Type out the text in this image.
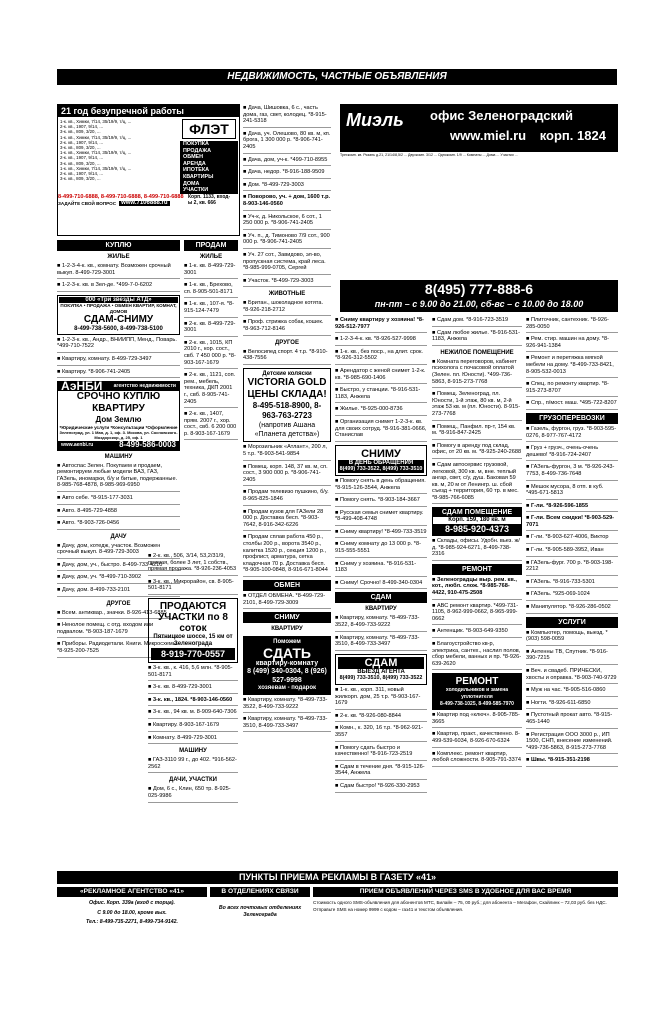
НЕДВИЖИМОСТЬ, ЧАСТНЫЕ ОБЪЯВЛЕНИЯ
21 год безупречной работы
1-к. кв., Химки, 7/14, 35/19/9, т/ц, ...
2-к. кв., 1907, 9/14, ...
3-к. кв., 809, 3/20, ...
1-к. кв., Химки, 7/14, 35/19/9, т/ц, ...
2-к. кв., 1907, 9/14, ...
3-к. кв., 809, 3/20, ...
1-к. кв., Химки, 7/14, 35/19/9, т/ц, ...
2-к. кв., 1907, 9/14, ...
3-к. кв., 809, 3/20, ...
1-к. кв., Химки, 7/14, 35/19/9, т/ц, ...
2-к. кв., 1907, 9/14, ...
3-к. кв., 809, 3/20, ...
ФЛЭТ
ПОКУПКА
ПРОДАЖА
ОБМЕН
АРЕНДА
ИПОТЕКА
КВАРТИРЫ
ДОМА
УЧАСТКИ
8-499-710-6888, 8-499-710-6888, 8-499-710-6888
ЗАДАЙТЕ СВОЙ ВОПРОС www.7106888.ru
Корп. 1133, вход-ы 2, кв. 666
КУПЛЮ
ЖИЛЬЕ
■ 1-2-3-4-к. кв., комнату. Возможен срочный выкуп. 8-499-729-3001
■ 1-2-3-к. кв. в Зел-де. *499-7-0-6202
000 «Три звезды АТД»
ПОКУПКА • ПРОДАЖА • ОБМЕН КВАРТИР, КОМНАТ, ДОМОВ
СДАМ-СНИМУ
8-499-738-5600, 8-499-738-5100
■ 1-2-3-к. кв., Андр., ВНИИПП, Менд., Поварь. *499-710-7522
■ Квартиру, комнату. 8-499-729-3497
■ Квартиру. *8-906-741-2405
АэНБИ агентство недвижимости
СРОЧНО КУПЛЮ КВАРТИРУ
Дом Землю
*Юридические услуги *Консультации *Оформление
Зеленоград, ул. 1 Мая, д. 1, оф. 3. Москва, ул. Сосновского-Моздорскор, д. 25, оф. 1
www.aenbi.ru	8-499-586-0003
МАШИНУ
■ Автоспас Зелен. Покупаем и продаем, ремонтируем любые модели ВАЗ, ГАЗ, ГАЗель, иномарки, б/у и битые, подержанные. 8-985-768-4878, 8-985-969-6950
■ Авто себе. *8-915-177-3031
■ Авто. 8-495-729-4858
■ Авто. *8-903-726-0456
ДАЧУ
■ Дачу, дом, котедж, участок. Возможен срочный выкуп. 8-499-729-3003
■ Дачу, дом, уч., быстро. 8-499-733-4210
■ Дачу, дом, уч. *8-499-710-3902
■ Дачу, дом. 8-499-733-2101
ДРУГОЕ
■ Всем. антиквар., значки. 8-926-413-6885
■ Ненолое помещ. с отд. входом или подвалом. *8-903-187-1679
■ Приборы. Радиодетали. Книги. Микросхемы. *8-925-200-7525
ПРОДАМ
ЖИЛЬЕ
■ 1-к. кв. 8-499-729-3001
■ 1-к. кв., Брехово, сп. 8-905-501-8171
■ 1-к. кв., 107-я. *8-915-124-7479
■ 2-к. кв. 8-499-729-3001
■ 2-к. кв., 1015, КП 2010 г., кор. сост., свб. 7 450 000 р. *8-903-167-1679
■ 2-к. кв., 1121, соп. рем., мебель, техника, ДКП 2001 г., свб. 8-905-741-2405
■ 2-к. кв., 1407, прям. 2007 г., хор. сост., свб. 6 200 000 р. 8-903-167-1679
■ 2-к. кв., 506, 3/14, 53,2/31/9, прямая, более 3 лет, 1 собств., прямая продажа. *8-926-236-4053
■ 3-к. кв., Микрорайон, св. 8-905-501-8171
ПРОДАЮТСЯ УЧАСТКИ по 8 соток
Пятницкое шоссе, 15 км от Зеленограда
8-919-770-0557
■ 3-к. кв., к. 416, 5,6 млн. *8-905-501-8171
■ 3-к. кв. 8-499-729-3001
■ 3-к. кв., 1824. *8-903-146-0560
■ 3-к. кв., 94 кв. м. 8-909-640-7306
■ Квартиру. 8-903-167-1679
■ Комнату. 8-499-729-3001
МАШИНУ
■ ГАЗ-3110 99 г., до 402. *916-562-2562
ДАЧИ, УЧАСТКИ
■ Дом, 6 с., Клин, 650 тр. 8-925-025-9986
■ Дача, Шишовка, 6 с., часть дома, газ, свет, колодец. *8-915-241-5318
■ Дача, уч. Олешово, 80 кв. м, кп. брога, 1 300 000 р. *8-906-741-2405
■ Дача, дом, уч-к. *499-710-8955
■ Дача, недор. *8-916-188-9509
■ Дом. *8-499-729-3003
■ Поворово, уч. + дом, 1600 т.р. 8-903-146-0560
■ Уч-к, д. Никольское, 6 сот., 1 250 000 р. *8-906-741-2405
■ Уч. п., д. Тимоново 7/9 сот., 900 000 р. *8-906-741-2405
■ Уч. 27 сот., Завидово, эл-во, пропускная система, край леса. *8-985-999-0705, Сергей
■ Участок. *8-499-729-3003
ЖИВОТНЫЕ
■ Британ., шоколадное котята. *8-926-218-2712
■ Проф. стрижка собак, кошек. *8-963-712-8146
ДРУГОЕ
■ Велосипед спорт. 4 т.р. *8-910-438-7556
Детские коляски
VICTORIA GOLD
ЦЕНЫ СКЛАДА!
8-495-518-8900, 8-963-763-2723
(напротив Ашана «Планета детства»)
■ Морозильник «Атлант», 200 л, 5 т.р. *8-903-541-9854
■ Помещ. корп. 148, 37 кв. м, сп. сост., 3 900 000 р. *8-906-741-2405
■ Продам телевизо пушкино, б/у. 8-965-825-1846
■ Продам кузов для ГАЗели 28 000 р. Доставка бесп. *8-903-7642, 8-916-342-6226
■ Продам сплав работа 450 р., столбы 200 р., ворота 3540 р., калитка 1520 р., секция 1200 р., профлист, арматура, сетка кладочная 70 р. Доставка бесп. *8-905-100-0848, 8-916-671-8044
ОБМЕН
■ ОТДЕЛ ОБМЕНА. *8-499-729-2101, 8-499-729-3009
СНИМУ
КВАРТИРУ
Поможем
СДАТЬ
квартиру-комнату
8 (499) 340-0304, 8 (926) 527-9998
хозяевам - подарок
■ Квартиру, комнату. *8-499-733-3522, 8-499-733-9222
■ Квартиру, комнату. *8-499-733-3510, 8-499-733-3497
Миэль офис Зеленоградский
www.miel.ru корп. 1824
Трехкомн. кв. Рязань д.21, 21/14/8,5/2 ... Двухкомн. 3/12 ... Однокомн. 1/9 ... Комнаты ... Дома ... Участки ...
8(495) 777-888-6
пн-пт – с 9.00 до 21.00, сб-вс – с 10.00 до 18.00
■ Сниму квартиру у хозяина! *8-926-512-7977
■ 1-2-3-4-к. кв. *8-926-527-9998
■ 1-к. кв., без поср., на длит. срок. *8-926-312-5502
■ Арендатор с женой снимет 1-2-к. кв. *8-985-690-1406
■ Быстро, у станции. *8-916-531-1183, Анжела
■ Жилье. *8-925-000-8736
■ Организация снимет 1-2-3-к. кв. для своих сотруд. *8-916-381-0666, Станислав
СНИМУ
В ДЕНЬ ОБРАЩЕНИЯ
8(499) 733-3522, 8(499) 733-3510
■ Помогу снять в день обращения. *8-915-126-3544, Анжела
■ Помогу снять. *8-903-184-3667
■ Русская семья снимет квартиру. *8-499-408-4748
■ Сниму квартиру! *8-499-733-3519
■ Сниму комнату до 13 000 р. *8-915-555-5551
■ Сниму у хозяина. *8-916-531-1183
■ Сниму! Срочно! 8-499-340-0304
СДАМ
КВАРТИРУ
■ Квартиру, комнату. *8-499-733-3522, 8-499-733-9222
■ Квартиру, комнату. *8-499-733-3510, 8-499-733-3497
СДАМ
ВЫЕЗД АГЕНТА
8(499) 733-3510, 8(499) 733-3522
■ 1-к. кв., корп. 311, новый жилкорп. дом, 25 т.р. *8-903-167-1679
■ 2-к. кв. *8-926-080-8844
■ Комн., к. 320, 16 т.р. *8-962-921-3557
■ Помогу сдать быстро и качественно! *8-916-723-2519
■ Сдам в течение дня. *8-915-126-3544, Анжела
■ Сдам быстро! *8-926-330-2953
■ Сдам дом. *8-916-723-3519
■ Сдам любое жилье. *8-916-531-1183, Анжела
НЕЖИЛОЕ ПОМЕЩЕНИЕ
■ Комната переговоров, кабинет психолога с почасовой оплатой (Зелен. пл. Юности). *499-736-5863, 8-915-273-7768
■ Помещ. Зеленоград, пл. Юности, 1-й этаж, 80 кв. м, 2-й этаж 53 кв. м (пл. Юности). 8-915-273-7768
■ Помещ., Панфил. пр-т, 154 кв. м. *8-916-847-2425
■ Помогу в аренду под склад, офис, от 20 кв. м. *8-925-240-2688
■ Сдам автосервис грузовой, легковой, 300 кв. м, вне. теплый ангар, свет, с/у, душ. Баковая 59 кв. м, 20 м от Ленингр. ш. сбой съезд + территория, 60 тр. в мес. *8-985-766-6085
СДАМ ПОМЕЩЕНИЕ
Корп. 159, 180 кв. м
8-985-920-4373
■ Склады, офисы. Удобн. вьез. ж/д. *8-985-924-6271, 8-499-738-2316
РЕМОНТ
■ Зеленоградцы выр. рем. кв., кот., любл. слож. *8-985-768-4422, 910-475-2508
■ АВС ремонт квартир. *499-731-1105, 8-962-999-0662, 8-965-999-0662
■ Антенщик. *8-903-649-9350
■ Благоустройство кв-р, электрика, сантех., наслил полов, сбор мебели, ванных и пр. *8-926-639-2620
РЕМОНТ
холодильников и замена уплотнителя
8-499-738-1025, 8-499-585-7970
■ Квартир под «ключ». 8-905-785-3665
■ Квартир, практ., качественно. 8-499-539-6034, 8-926-670-6324
■ Комплекс. ремонт квартир, любой сложности. 8-905-791-3374
■ Плиточник, сантехник. *8-926-285-0050
■ Рем. стир. машин на дому. *8-926-941-1384
■ Ремонт и перетяжка мягкой мебели на дому. *8-499-733-8421, 8-905-532-0013
■ Спец. по ремонту квартир. *8-915-273-8707
■ Спр., п/мост. маш. *495-722-8207
ГРУЗОПЕРЕВОЗКИ
■ Газель, фургон, груз. *8-903-595-0276, 8-977-767-4172
■ Груз + грузч., очень-очень дешево! *8-916-724-2407
■ ГАЗель-фургон, 3 м. *8-926-243-7753, 8-499-736-7648
■ Мешок мусора, 8 отп. в куб. *495-671-5813
■ Г-ли. *8-926-596-1855
■ Г-ли. Всем скидки! *8-903-529-7071
■ Г-ли. *8-903-627-4006, Виктор
■ Г-ли. *8-905-589-3952, Иван
■ ГАЗель-фург. 700 р. *8-903-198-2212
■ ГАЗель. *8-916-733-5301
■ ГАЗель. *925-069-1024
■ Манипулятор. *8-926-286-0502
УСЛУГИ
■ Компьютер, помощь, выезд. *(903) 598-0059
■ Антенны ТВ, Спутник. *8-916-390-7215
■ Веч. и свадеб. ПРИЧЕСКИ, хвосты и оправка. *8-903-740-9729
■ Муж на час. *8-905-516-0860
■ Ногти. *8-926-611-6850
■ Пустотный прокат авто. *8-915-465-1440
■ Регистрация ООО 3000 р., ИП 1500, СНП, внесение изменений. *499-736-5863, 8-915-273-7768
■ Швы. *8-915-351-2198
ПУНКТЫ ПРИЕМА РЕКЛАМЫ В ГАЗЕТУ «41»
«РЕКЛАМНОЕ АГЕНТСТВО «41»
Офис. Корп. 339а (вход с торца).
С 9.00 до 18.00, кроме вых.
Тел.: 8-499-735-2271, 8-499-734-9142.
В ОТДЕЛЕНИЯХ СВЯЗИ
Во всех почтовых отделениях Зеленограда
ПРИЕМ ОБЪЯВЛЕНИЙ ЧЕРЕЗ SMS В УДОБНОЕ ДЛЯ ВАС ВРЕМЯ
Стоимость одного SMS-объявления для абонентов МТС, Билайн – 75, 00 руб.; для абонента – Мегафон, Скайлинк – 72,03 руб. без НДС.
Отправьте SMS на номер 9999 с кодом – газ41 и текстом объявления.
